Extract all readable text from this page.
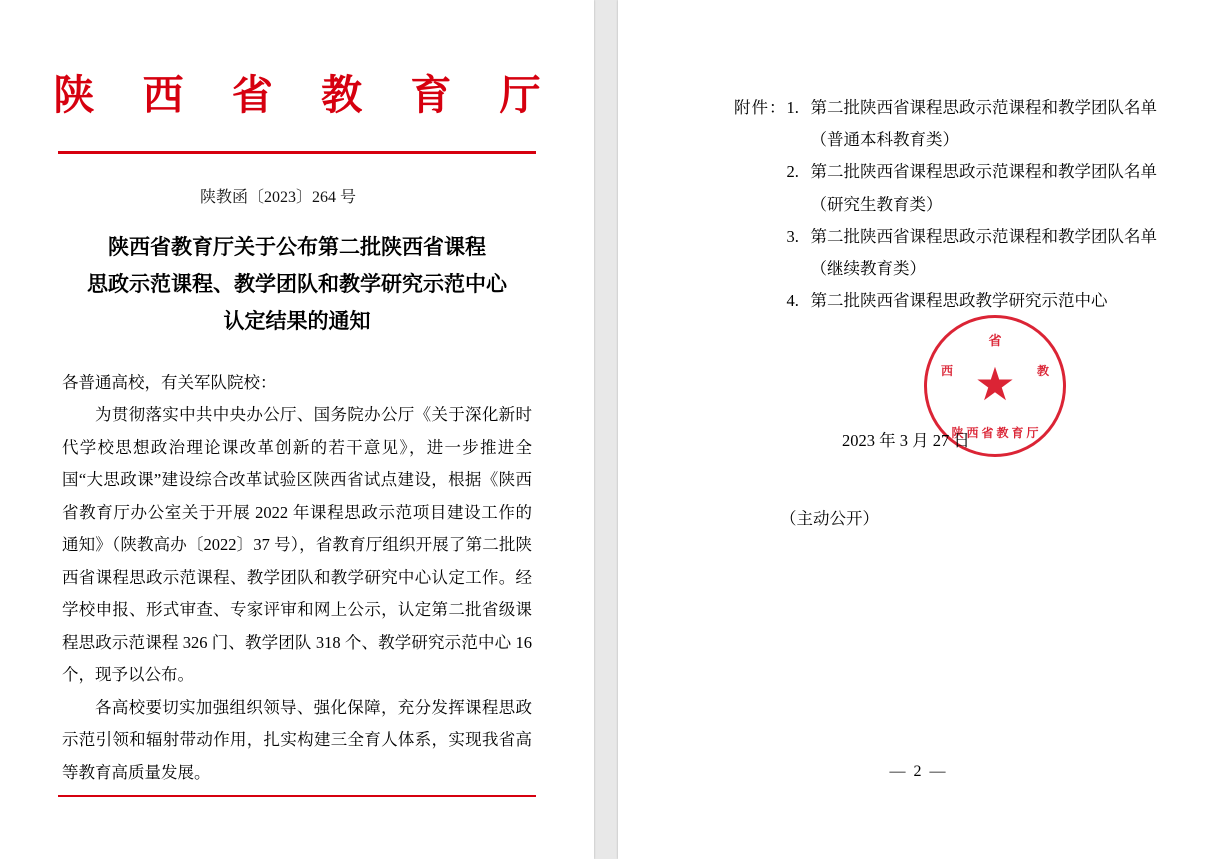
陕 西 省 教 育 厅
陕教函〔2023〕264 号
陕西省教育厅关于公布第二批陕西省课程
思政示范课程、教学团队和教学研究示范中心
认定结果的通知

各普通高校，有关军队院校：

为贯彻落实中共中央办公厅、国务院办公厅《关于深化新时代学校思想政治理论课改革创新的若干意见》，进一步推进全国“大思政课”建设综合改革试验区陕西省试点建设，根据《陕西省教育厅办公室关于开展 2022 年课程思政示范项目建设工作的通知》（陕教高办〔2022〕37 号），省教育厅组织开展了第二批陕西省课程思政示范课程、教学团队和教学研究中心认定工作。经学校申报、形式审查、专家评审和网上公示，认定第二批省级课程思政示范课程 326 门、教学团队 318 个、教学研究示范中心 16 个，现予以公布。

各高校要切实加强组织领导、强化保障，充分发挥课程思政示范引领和辐射带动作用，扎实构建三全育人体系，实现我省高等教育高质量发展。

附件： 1. 第二批陕西省课程思政示范课程和教学团队名单
（普通本科教育类）
2. 第二批陕西省课程思政示范课程和教学团队名单
（研究生教育类）
3. 第二批陕西省课程思政示范课程和教学团队名单
（继续教育类）
4. 第二批陕西省课程思政教学研究示范中心
省
西	教
★
陕西省教育厅
2023 年 3 月 27 日
（主动公开）
— 2 —
